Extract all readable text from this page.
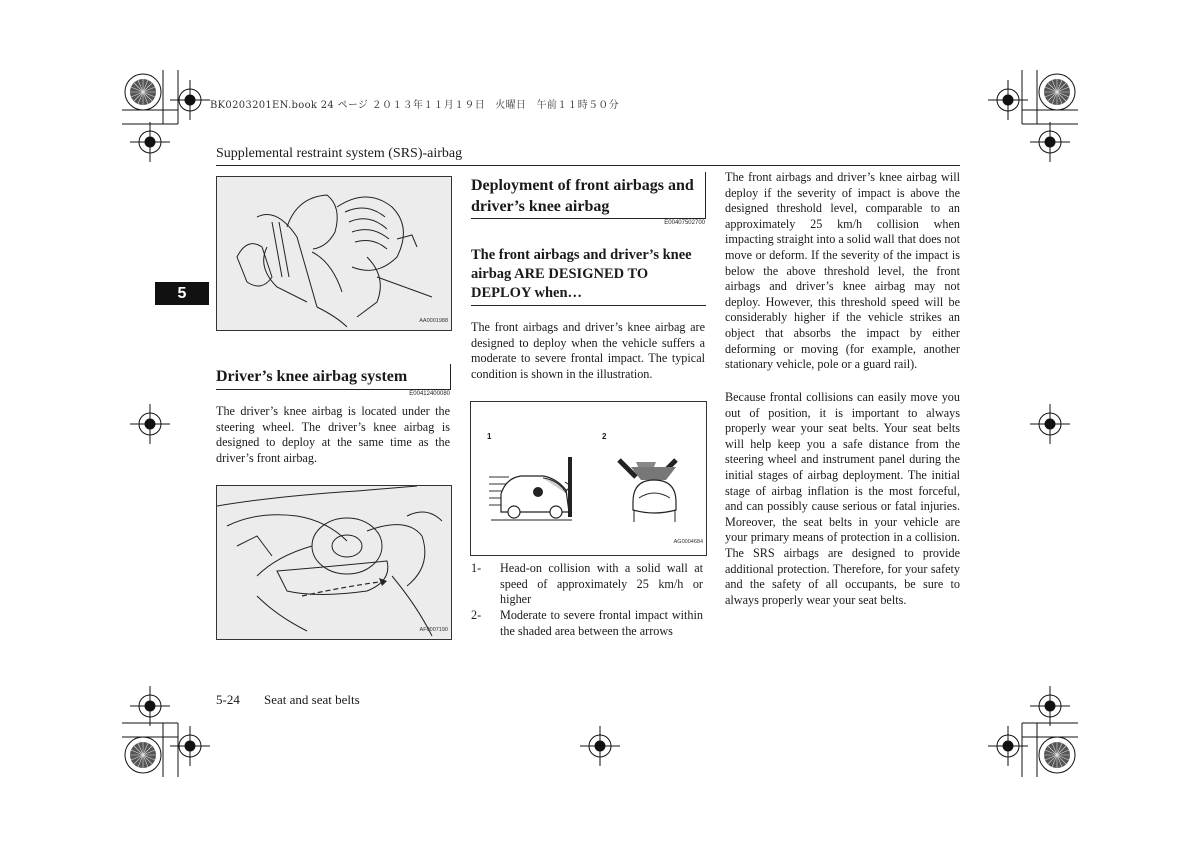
BK0203201EN.book 24 ページ ２０１３年１１月１９日　火曜日　午前１１時５０分
Supplemental restraint system (SRS)-airbag
5
AA0001988
Driver’s knee airbag system
E00412400080
The driver’s knee airbag is located under the steering wheel. The driver’s knee airbag is designed to deploy at the same time as the driver’s front airbag.
AF0007190
Deployment of front airbags and driver’s knee airbag
E00407502700
The front airbags and driver’s knee airbag ARE DESIGNED TO DEPLOY when…
The front airbags and driver’s knee airbag are designed to deploy when the vehicle suffers a moderate to severe frontal impact. The typical condition is shown in the illustration.
1	2
AG0004684
1- Head-on collision with a solid wall at speed of approximately 25 km/h or higher
2- Moderate to severe frontal impact within the shaded area between the arrows
The front airbags and driver’s knee airbag will deploy if the severity of impact is above the designed threshold level, comparable to an approximately 25 km/h collision when impacting straight into a solid wall that does not move or deform. If the severity of the impact is below the above threshold level, the front airbags and driver’s knee airbag may not deploy. However, this threshold speed will be considerably higher if the vehicle strikes an object that absorbs the impact by either deforming or moving (for example, another stationary vehicle, pole or a guard rail).
Because frontal collisions can easily move you out of position, it is important to always properly wear your seat belts. Your seat belts will help keep you a safe distance from the steering wheel and instrument panel during the initial stages of airbag deployment. The initial stage of airbag inflation is the most forceful, and can possibly cause serious or fatal injuries. Moreover, the seat belts in your vehicle are your primary means of protection in a collision. The SRS airbags are designed to provide additional protection. Therefore, for your safety and the safety of all occupants, be sure to always properly wear your seat belts.
5-24 Seat and seat belts
